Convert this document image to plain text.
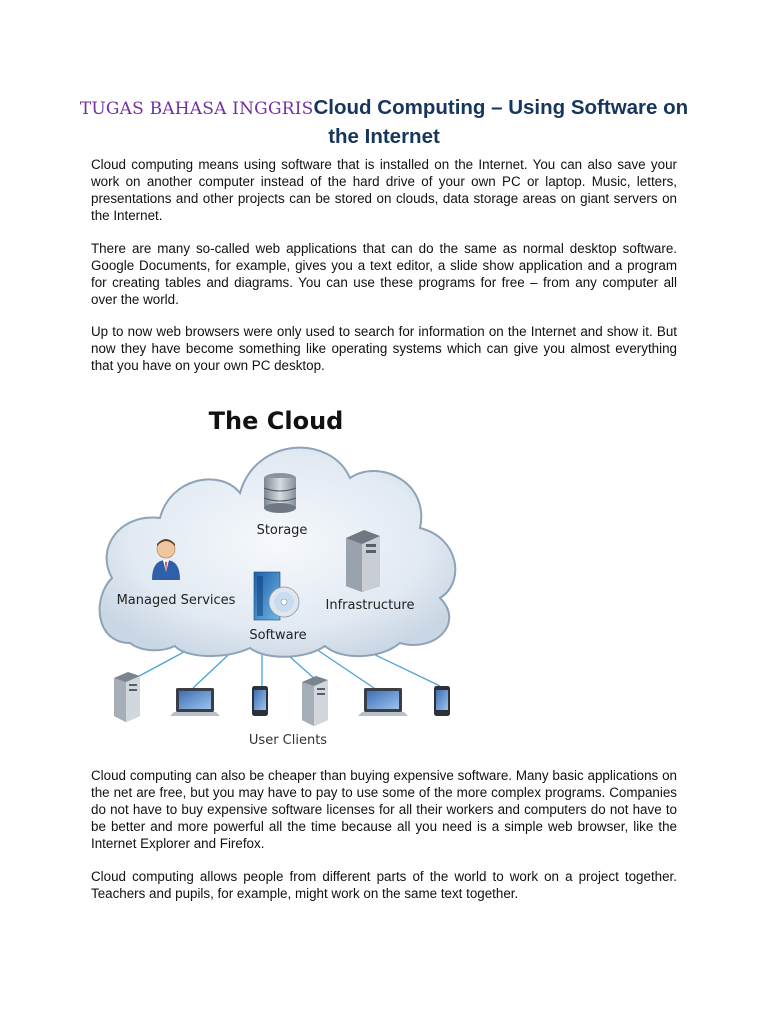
TUGAS BAHASA INGGRISCloud Computing – Using Software on the Internet

Cloud computing means using software that is installed on the Internet. You can also save your work on another computer instead of the hard drive of your own PC or laptop. Music, letters, presentations and other projects can be stored on clouds, data storage areas on giant servers on the Internet.

There are many so-called web applications that can do the same as normal desktop software. Google Documents, for example, gives you a text editor, a slide show application and a program for creating tables and diagrams. You can use these programs for free – from any computer all over the world.

Up to now web browsers were only used to search for information on the Internet and show it. But now they have become something like operating systems which can give you almost everything that you have on your own PC desktop.

The Cloud
Storage
Managed Services	Infrastructure
Software
User Clients

Cloud computing can also be cheaper than buying expensive software. Many basic applications on the net are free, but you may have to pay to use some of the more complex programs. Companies do not have to buy expensive software licenses for all their workers and computers do not have to be better and more powerful all the time because all you need is a simple web browser, like the Internet Explorer and Firefox.

Cloud computing allows people from different parts of the world to work on a project together. Teachers and pupils, for example, might work on the same text together.
